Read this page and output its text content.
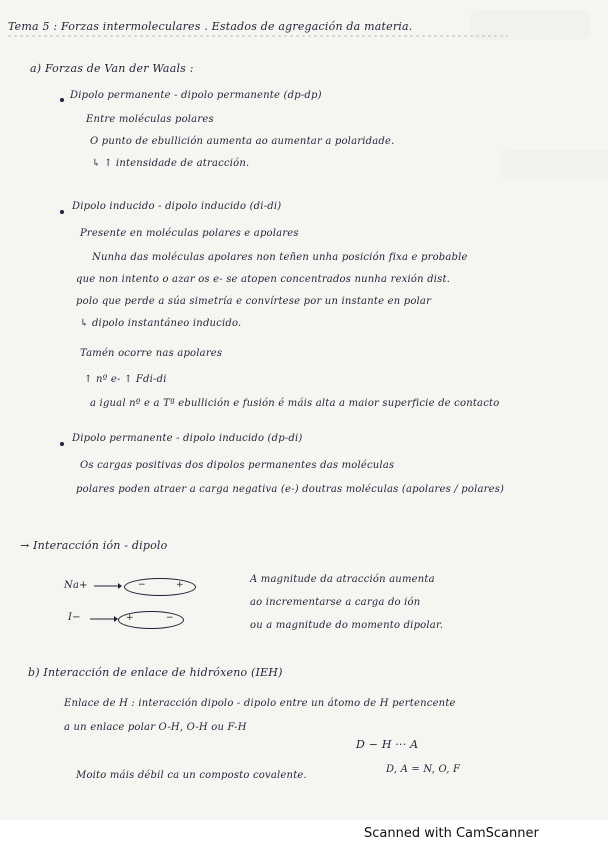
Tema 5 : Forzas intermoleculares . Estados de agregación da materia.
a) Forzas de Van der Waals :
Dipolo permanente - dipolo permanente (dp-dp)
Entre moléculas polares
O punto de ebullición aumenta ao aumentar a polaridade.
↳ ↑ intensidade de atracción.
Dipolo inducido - dipolo inducido (di-di)
Presente en moléculas polares e apolares
Nunha das moléculas apolares non teñen unha posición fixa e probable
que non intento o azar os e- se atopen concentrados nunha rexión dist.
polo que perde a súa simetría e convírtese por un instante en polar
↳ dipolo instantáneo inducido.
Tamén ocorre nas apolares
↑ nº e- ↑ Fdi-di
a igual nº e a Tª ebullición e fusión é máis alta a maior superficie de contacto
Dipolo permanente - dipolo inducido (dp-di)
Os cargas positivas dos dipolos permanentes das moléculas
polares poden atraer a carga negativa (e-) doutras moléculas (apolares / polares)
→ Interacción ión - dipolo
Na+	−	+
I−	+	−
A magnitude da atracción aumenta
ao incrementarse a carga do ión
ou a magnitude do momento dipolar.
b) Interacción de enlace de hidróxeno (IEH)
Enlace de H : interacción dipolo - dipolo entre un átomo de H pertencente
a un enlace polar O-H, O-H ou F-H
D − H ··· A
D, A = N, O, F
Moito máis débil ca un composto covalente.
Scanned with CamScanner
